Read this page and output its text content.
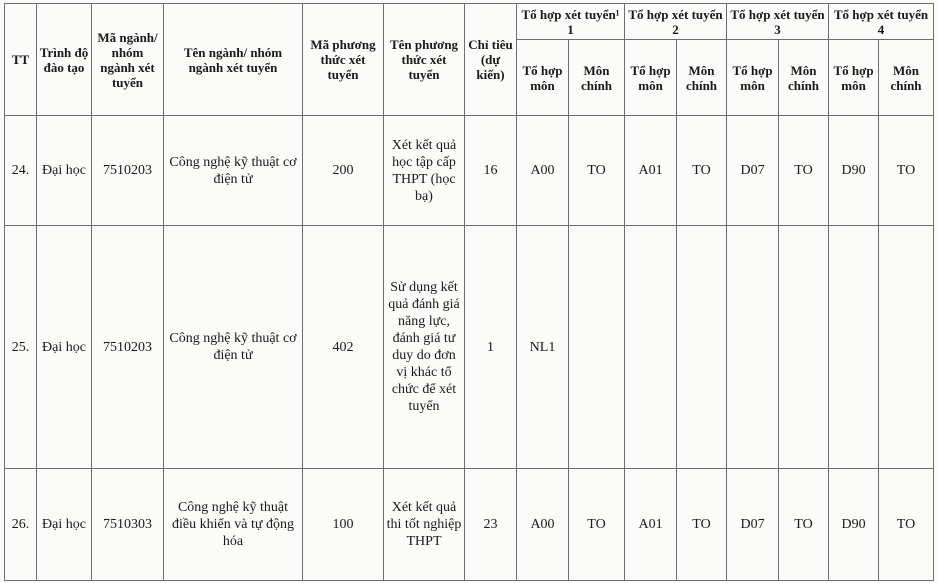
TT	Trình độ đào tạo	Mã ngành/ nhóm ngành xét tuyển	Tên ngành/ nhóm ngành xét tuyển	Mã phương thức xét tuyển	Tên phương thức xét tuyển	Chỉ tiêu (dự kiến)	Tổ hợp xét tuyển¹ 1		Tổ hợp xét tuyển 2		Tổ hợp xét tuyển 3		Tổ hợp xét tuyển 4	
							Tổ hợp môn	Môn chính	Tổ hợp môn	Môn chính	Tổ hợp môn	Môn chính	Tổ hợp môn	Môn chính
24.	Đại học	7510203	Công nghệ kỹ thuật cơ điện tử	200	Xét kết quả học tập cấp THPT (học bạ)	16	A00	TO	A01	TO	D07	TO	D90	TO
25.	Đại học	7510203	Công nghệ kỹ thuật cơ điện tử	402	Sử dụng kết quả đánh giá năng lực, đánh giá tư duy do đơn vị khác tổ chức để xét tuyển	1	NL1							
26.	Đại học	7510303	Công nghệ kỹ thuật điều khiển và tự động hóa	100	Xét kết quả thi tốt nghiệp THPT	23	A00	TO	A01	TO	D07	TO	D90	TO
